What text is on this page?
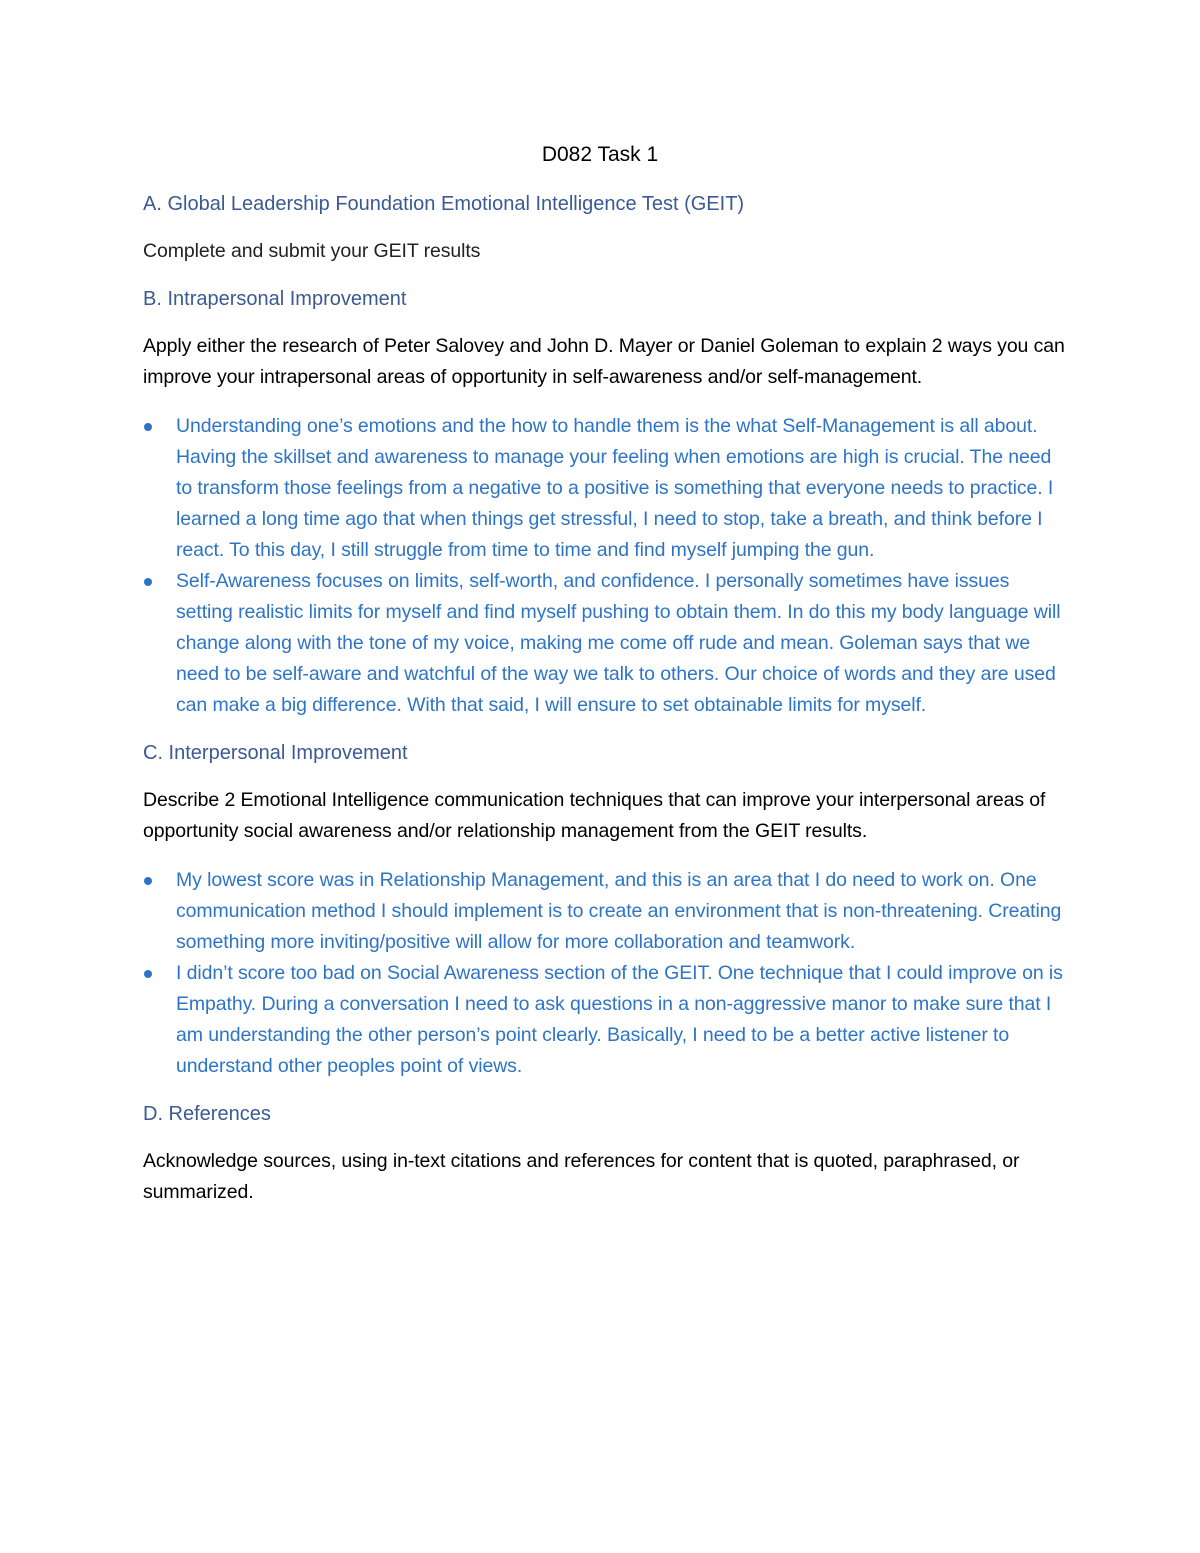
D082 Task 1
A. Global Leadership Foundation Emotional Intelligence Test (GEIT)
Complete and submit your GEIT results
B. Intrapersonal Improvement
Apply either the research of Peter Salovey and John D. Mayer or Daniel Goleman to explain 2 ways you can improve your intrapersonal areas of opportunity in self-awareness and/or self-management.
Understanding one’s emotions and the how to handle them is the what Self-Management is all about. Having the skillset and awareness to manage your feeling when emotions are high is crucial. The need to transform those feelings from a negative to a positive is something that everyone needs to practice. I learned a long time ago that when things get stressful, I need to stop, take a breath, and think before I react. To this day, I still struggle from time to time and find myself jumping the gun.
Self-Awareness focuses on limits, self-worth, and confidence. I personally sometimes have issues setting realistic limits for myself and find myself pushing to obtain them. In do this my body language will change along with the tone of my voice, making me come off rude and mean. Goleman says that we need to be self-aware and watchful of the way we talk to others. Our choice of words and they are used can make a big difference. With that said, I will ensure to set obtainable limits for myself.
C. Interpersonal Improvement
Describe 2 Emotional Intelligence communication techniques that can improve your interpersonal areas of opportunity social awareness and/or relationship management from the GEIT results.
My lowest score was in Relationship Management, and this is an area that I do need to work on. One communication method I should implement is to create an environment that is non-threatening. Creating something more inviting/positive will allow for more collaboration and teamwork.
I didn’t score too bad on Social Awareness section of the GEIT. One technique that I could improve on is Empathy. During a conversation I need to ask questions in a non-aggressive manor to make sure that I am understanding the other person’s point clearly. Basically, I need to be a better active listener to understand other peoples point of views.
D. References
Acknowledge sources, using in-text citations and references for content that is quoted, paraphrased, or summarized.
